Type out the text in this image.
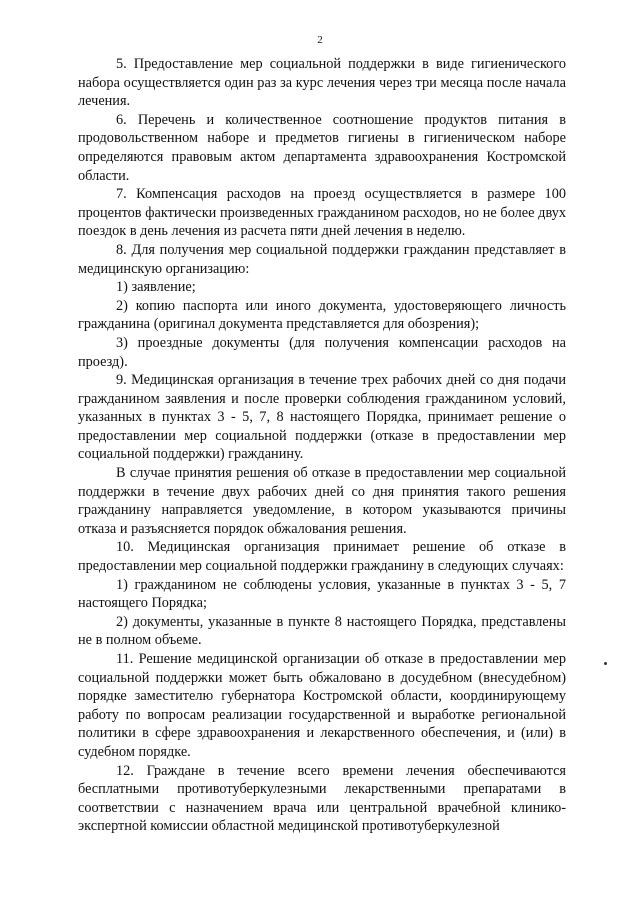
2

5. Предоставление мер социальной поддержки в виде гигиенического набора осуществляется один раз за курс лечения через три месяца после начала лечения.

6. Перечень и количественное соотношение продуктов питания в продовольственном наборе и предметов гигиены в гигиеническом наборе определяются правовым актом департамента здравоохранения Костромской области.

7. Компенсация расходов на проезд осуществляется в размере 100 процентов фактически произведенных гражданином расходов, но не более двух поездок в день лечения из расчета пяти дней лечения в неделю.

8. Для получения мер социальной поддержки гражданин представляет в медицинскую организацию:

1) заявление;

2) копию паспорта или иного документа, удостоверяющего личность гражданина (оригинал документа представляется для обозрения);

3) проездные документы (для получения компенсации расходов на проезд).

9. Медицинская организация в течение трех рабочих дней со дня подачи гражданином заявления и после проверки соблюдения гражданином условий, указанных в пунктах 3 - 5, 7, 8 настоящего Порядка, принимает решение о предоставлении мер социальной поддержки (отказе в предоставлении мер социальной поддержки) гражданину.

В случае принятия решения об отказе в предоставлении мер социальной поддержки в течение двух рабочих дней со дня принятия такого решения гражданину направляется уведомление, в котором указываются причины отказа и разъясняется порядок обжалования решения.

10. Медицинская организация принимает решение об отказе в предоставлении мер социальной поддержки гражданину в следующих случаях:

1) гражданином не соблюдены условия, указанные в пунктах 3 - 5, 7 настоящего Порядка;

2) документы, указанные в пункте 8 настоящего Порядка, представлены не в полном объеме.

11. Решение медицинской организации об отказе в предоставлении мер социальной поддержки может быть обжаловано в досудебном (внесудебном) порядке заместителю губернатора Костромской области, координирующему работу по вопросам реализации государственной и выработке региональной политики в сфере здравоохранения и лекарственного обеспечения, и (или) в судебном порядке.

12. Граждане в течение всего времени лечения обеспечиваются бесплатными противотуберкулезными лекарственными препаратами в соответствии с назначением врача или центральной врачебной клинико-экспертной комиссии областной медицинской противотуберкулезной
